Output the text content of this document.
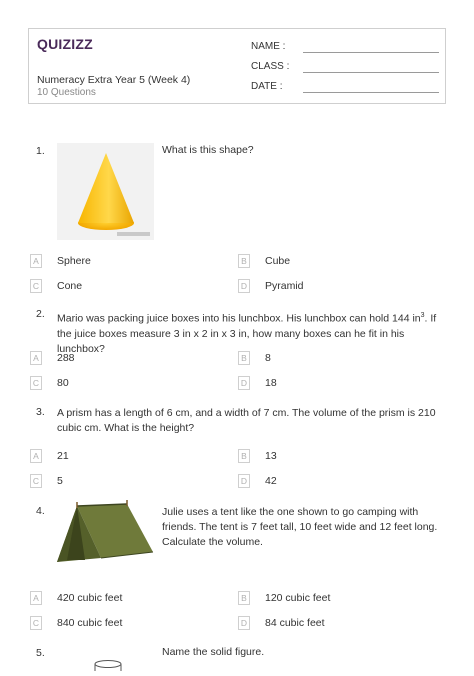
QUIZIZZ
Numeracy Extra Year 5 (Week 4)
10 Questions
NAME :
CLASS :
DATE :
1.	What is this shape?
A	Sphere	B	Cube
C Cone	D Pyramid
2. Mario was packing juice boxes into his lunchbox. His lunchbox can hold 144 $in^3$. If the juice boxes measure 3 in x 2 in x 3 in, how many boxes can he fit in his lunchbox?
A	288	B	8
C 80	D 18
3. A prism has a length of 6 cm, and a width of 7 cm. The volume of the prism is 210 cubic cm. What is the height?
A	21	B	13
C 5	D 42
4.	Julie uses a tent like the one shown to go camping with friends. The tent is 7 feet tall, 10 feet wide and 12 feet long. Calculate the volume.
A	420 cubic feet	B	120 cubic feet
C 840 cubic feet	D 84 cubic feet
5.	Name the solid figure.
